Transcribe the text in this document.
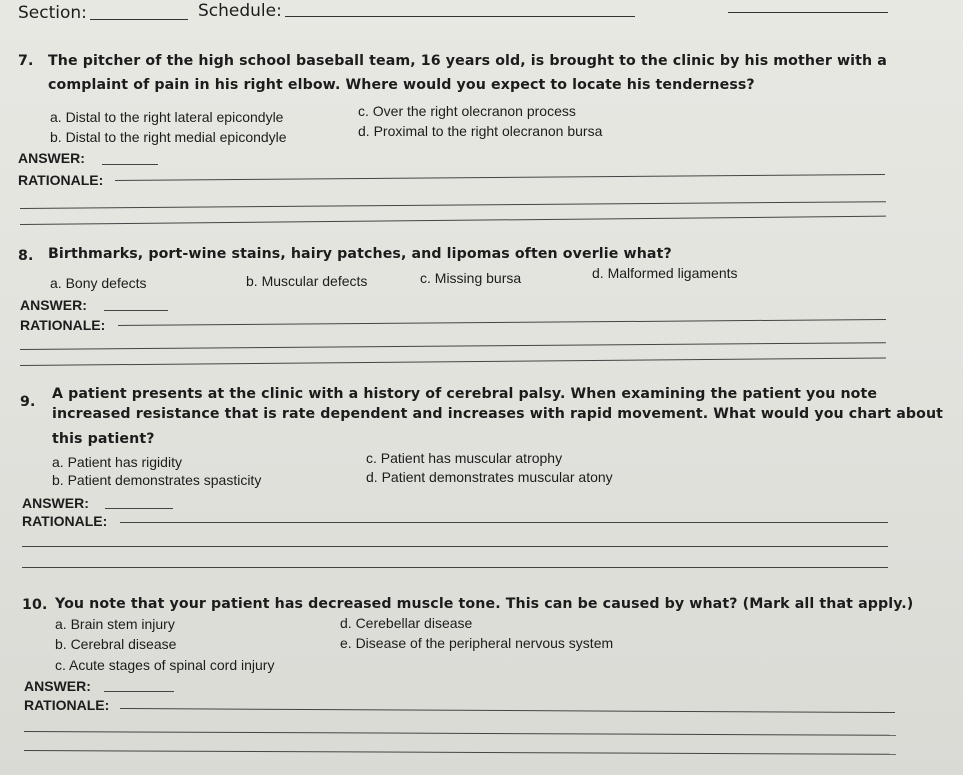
Section:	Schedule:
7. The pitcher of the high school baseball team, 16 years old, is brought to the clinic by his mother with a
complaint of pain in his right elbow. Where would you expect to locate his tenderness?
a. Distal to the right lateral epicondyle	c. Over the right olecranon process
b. Distal to the right medial epicondyle	d. Proximal to the right olecranon bursa
ANSWER:
RATIONALE:
8. Birthmarks, port-wine stains, hairy patches, and lipomas often overlie what?
a. Bony defects	b. Muscular defects	c. Missing bursa	d. Malformed ligaments
ANSWER:
RATIONALE:
9. A patient presents at the clinic with a history of cerebral palsy. When examining the patient you note
increased resistance that is rate dependent and increases with rapid movement. What would you chart about
this patient?
a. Patient has rigidity	c. Patient has muscular atrophy
b. Patient demonstrates spasticity	d. Patient demonstrates muscular atony
ANSWER:
RATIONALE:
10. You note that your patient has decreased muscle tone. This can be caused by what? (Mark all that apply.)
a. Brain stem injury	d. Cerebellar disease
b. Cerebral disease	e. Disease of the peripheral nervous system
c. Acute stages of spinal cord injury
ANSWER:
RATIONALE:
